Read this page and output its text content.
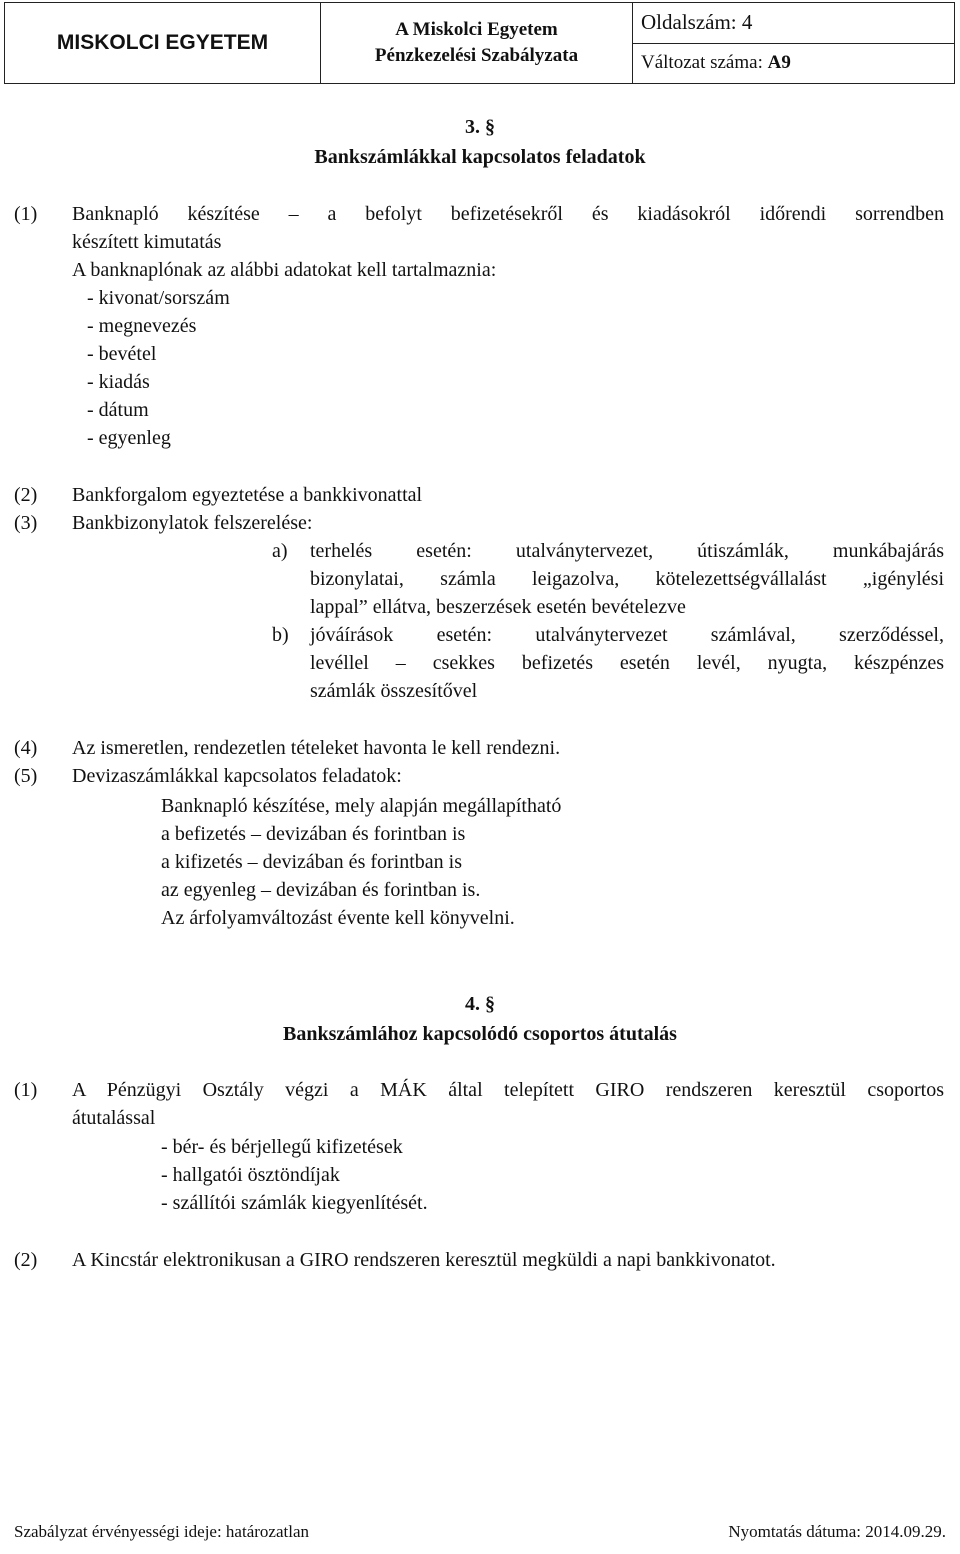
MISKOLCI EGYETEM
A Miskolci Egyetem
Pénzkezelési Szabályzata
Oldalszám: 4
Változat száma: A9
3. §
Bankszámlákkal kapcsolatos feladatok
(1) Banknapló készítése – a befolyt befizetésekről és kiadásokról időrendi sorrendben
készített kimutatás
A banknaplónak az alábbi adatokat kell tartalmaznia:
- kivonat/sorszám
- megnevezés
- bevétel
- kiadás
- dátum
- egyenleg
(2) Bankforgalom egyeztetése a bankkivonattal
(3) Bankbizonylatok felszerelése:
a) terhelés esetén: utalványtervezet, útiszámlák, munkábajárás
bizonylatai, számla leigazolva, kötelezettségvállalást „igénylési
lappal” ellátva, beszerzések esetén bevételezve
b) jóváírások esetén: utalványtervezet számlával, szerződéssel,
levéllel – csekkes befizetés esetén levél, nyugta, készpénzes
számlák összesítővel
(4) Az ismeretlen, rendezetlen tételeket havonta le kell rendezni.
(5) Devizaszámlákkal kapcsolatos feladatok:
Banknapló készítése, mely alapján megállapítható
a befizetés – devizában és forintban is
a kifizetés – devizában és forintban is
az egyenleg – devizában és forintban is.
Az árfolyamváltozást évente kell könyvelni.
4. §
Bankszámlához kapcsolódó csoportos átutalás
(1) A Pénzügyi Osztály végzi a MÁK által telepített GIRO rendszeren keresztül csoportos
átutalással
- bér- és bérjellegű kifizetések
- hallgatói ösztöndíjak
- szállítói számlák kiegyenlítését.
(2) A Kincstár elektronikusan a GIRO rendszeren keresztül megküldi a napi bankkivonatot.
Szabályzat érvényességi ideje: határozatlan	Nyomtatás dátuma: 2014.09.29.
